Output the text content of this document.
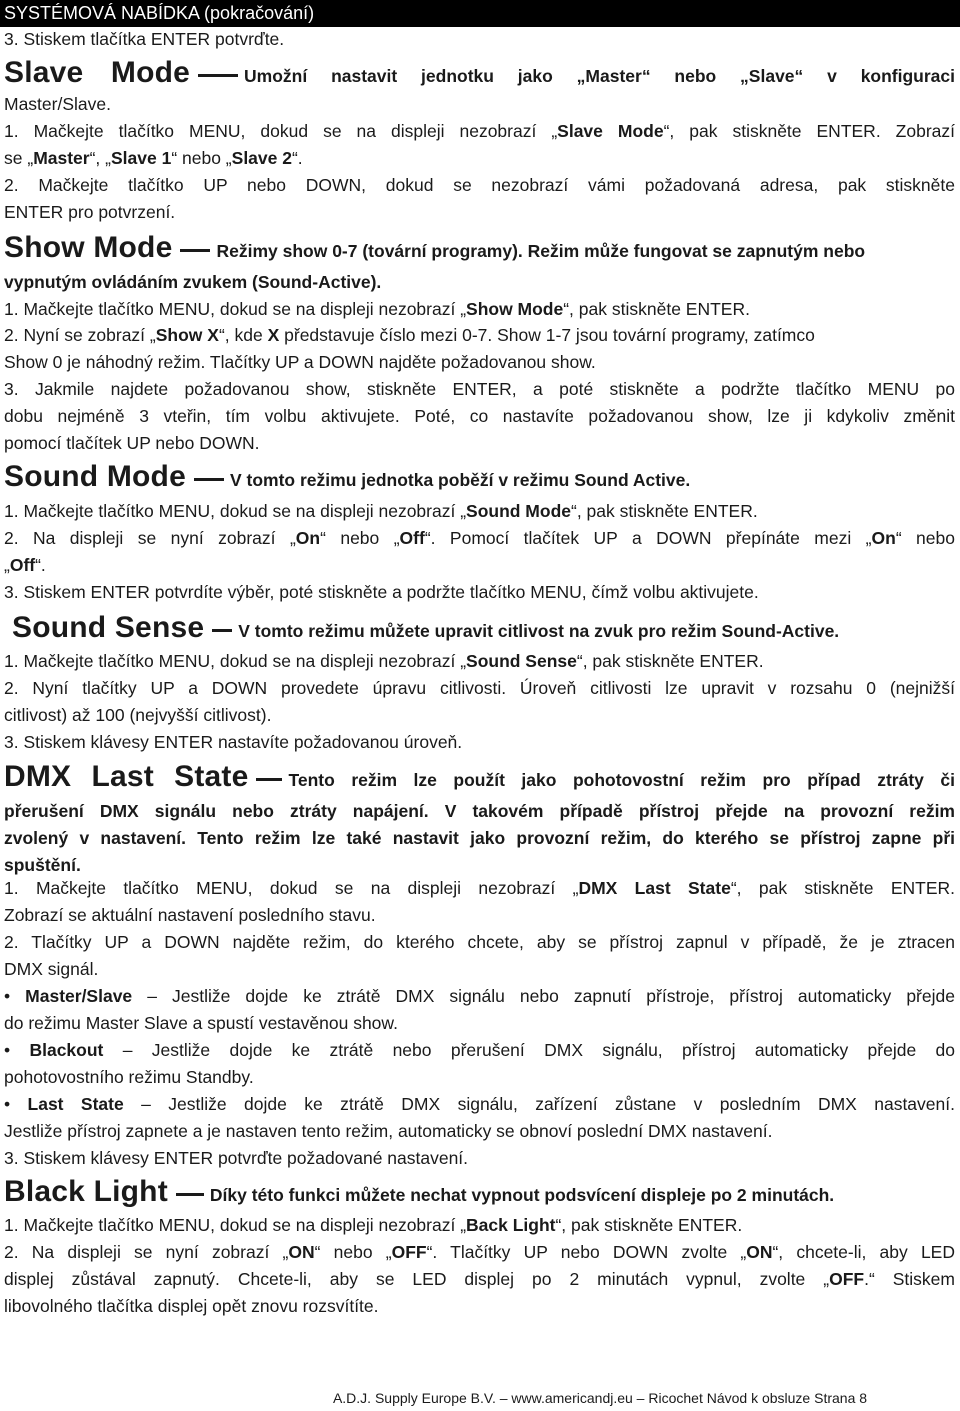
SYSTÉMOVÁ NABÍDKA (pokračování)
3. Stiskem tlačítka ENTER potvrďte.
Slave Mode	Umožní nastavit jednotku jako „Master“ nebo „Slave“ v konfiguraci
Master/Slave.
1. Mačkejte tlačítko MENU, dokud se na displeji nezobrazí „Slave Mode“, pak stiskněte ENTER. Zobrazí
se „Master“, „Slave 1“ nebo „Slave 2“.
2. Mačkejte tlačítko UP nebo DOWN, dokud se nezobrazí vámi požadovaná adresa, pak stiskněte
ENTER pro potvrzení.
Show Mode	Režimy show 0-7 (tovární programy). Režim může fungovat se zapnutým nebo
vypnutým ovládáním zvukem (Sound-Active).
1. Mačkejte tlačítko MENU, dokud se na displeji nezobrazí „Show Mode“, pak stiskněte ENTER.
2. Nyní se zobrazí „Show X“, kde X představuje číslo mezi 0-7. Show 1-7 jsou tovární programy, zatímco
Show 0 je náhodný režim. Tlačítky UP a DOWN najděte požadovanou show.
3. Jakmile najdete požadovanou show, stiskněte ENTER, a poté stiskněte a podržte tlačítko MENU po
dobu nejméně 3 vteřin, tím volbu aktivujete. Poté, co nastavíte požadovanou show, lze ji kdykoliv změnit
pomocí tlačítek UP nebo DOWN.
Sound Mode	V tomto režimu jednotka poběží v režimu Sound Active.
1. Mačkejte tlačítko MENU, dokud se na displeji nezobrazí „Sound Mode“, pak stiskněte ENTER.
2. Na displeji se nyní zobrazí „On“ nebo „Off“. Pomocí tlačítek UP a DOWN přepínáte mezi „On“ nebo
„Off“.
3. Stiskem ENTER potvrdíte výběr, poté stiskněte a podržte tlačítko MENU, čímž volbu aktivujete.
Sound Sense V tomto režimu můžete upravit citlivost na zvuk pro režim Sound-Active.
1. Mačkejte tlačítko MENU, dokud se na displeji nezobrazí „Sound Sense“, pak stiskněte ENTER.
2. Nyní tlačítky UP a DOWN provedete úpravu citlivosti. Úroveň citlivosti lze upravit v rozsahu 0 (nejnižší
citlivost) až 100 (nejvyšší citlivost).
3. Stiskem klávesy ENTER nastavíte požadovanou úroveň.
DMX Last State Tento režim lze použít jako pohotovostní režim pro případ ztráty či
přerušení DMX signálu nebo ztráty napájení. V takovém případě přístroj přejde na provozní režim
zvolený v nastavení. Tento režim lze také nastavit jako provozní režim, do kterého se přístroj zapne při
spuštění.
1. Mačkejte tlačítko MENU, dokud se na displeji nezobrazí „DMX Last State“, pak stiskněte ENTER.
Zobrazí se aktuální nastavení posledního stavu.
2. Tlačítky UP a DOWN najděte režim, do kterého chcete, aby se přístroj zapnul v případě, že je ztracen
DMX signál.
• Master/Slave – Jestliže dojde ke ztrátě DMX signálu nebo zapnutí přístroje, přístroj automaticky přejde
do režimu Master Slave a spustí vestavěnou show.
• Blackout – Jestliže dojde ke ztrátě nebo přerušení DMX signálu, přístroj automaticky přejde do
pohotovostního režimu Standby.
• Last State – Jestliže dojde ke ztrátě DMX signálu, zařízení zůstane v posledním DMX nastavení.
Jestliže přístroj zapnete a je nastaven tento režim, automaticky se obnoví poslední DMX nastavení.
3. Stiskem klávesy ENTER potvrďte požadované nastavení.
Black Light Díky této funkci můžete nechat vypnout podsvícení displeje po 2 minutách.
1. Mačkejte tlačítko MENU, dokud se na displeji nezobrazí „Back Light“, pak stiskněte ENTER.
2. Na displeji se nyní zobrazí „ON“ nebo „OFF“. Tlačítky UP nebo DOWN zvolte „ON“, chcete-li, aby LED
displej zůstával zapnutý. Chcete-li, aby se LED displej po 2 minutách vypnul, zvolte „OFF.“ Stiskem
libovolného tlačítka displej opět znovu rozsvítíte.
A.D.J. Supply Europe B.V. – www.americandj.eu – Ricochet Návod k obsluze Strana 8
